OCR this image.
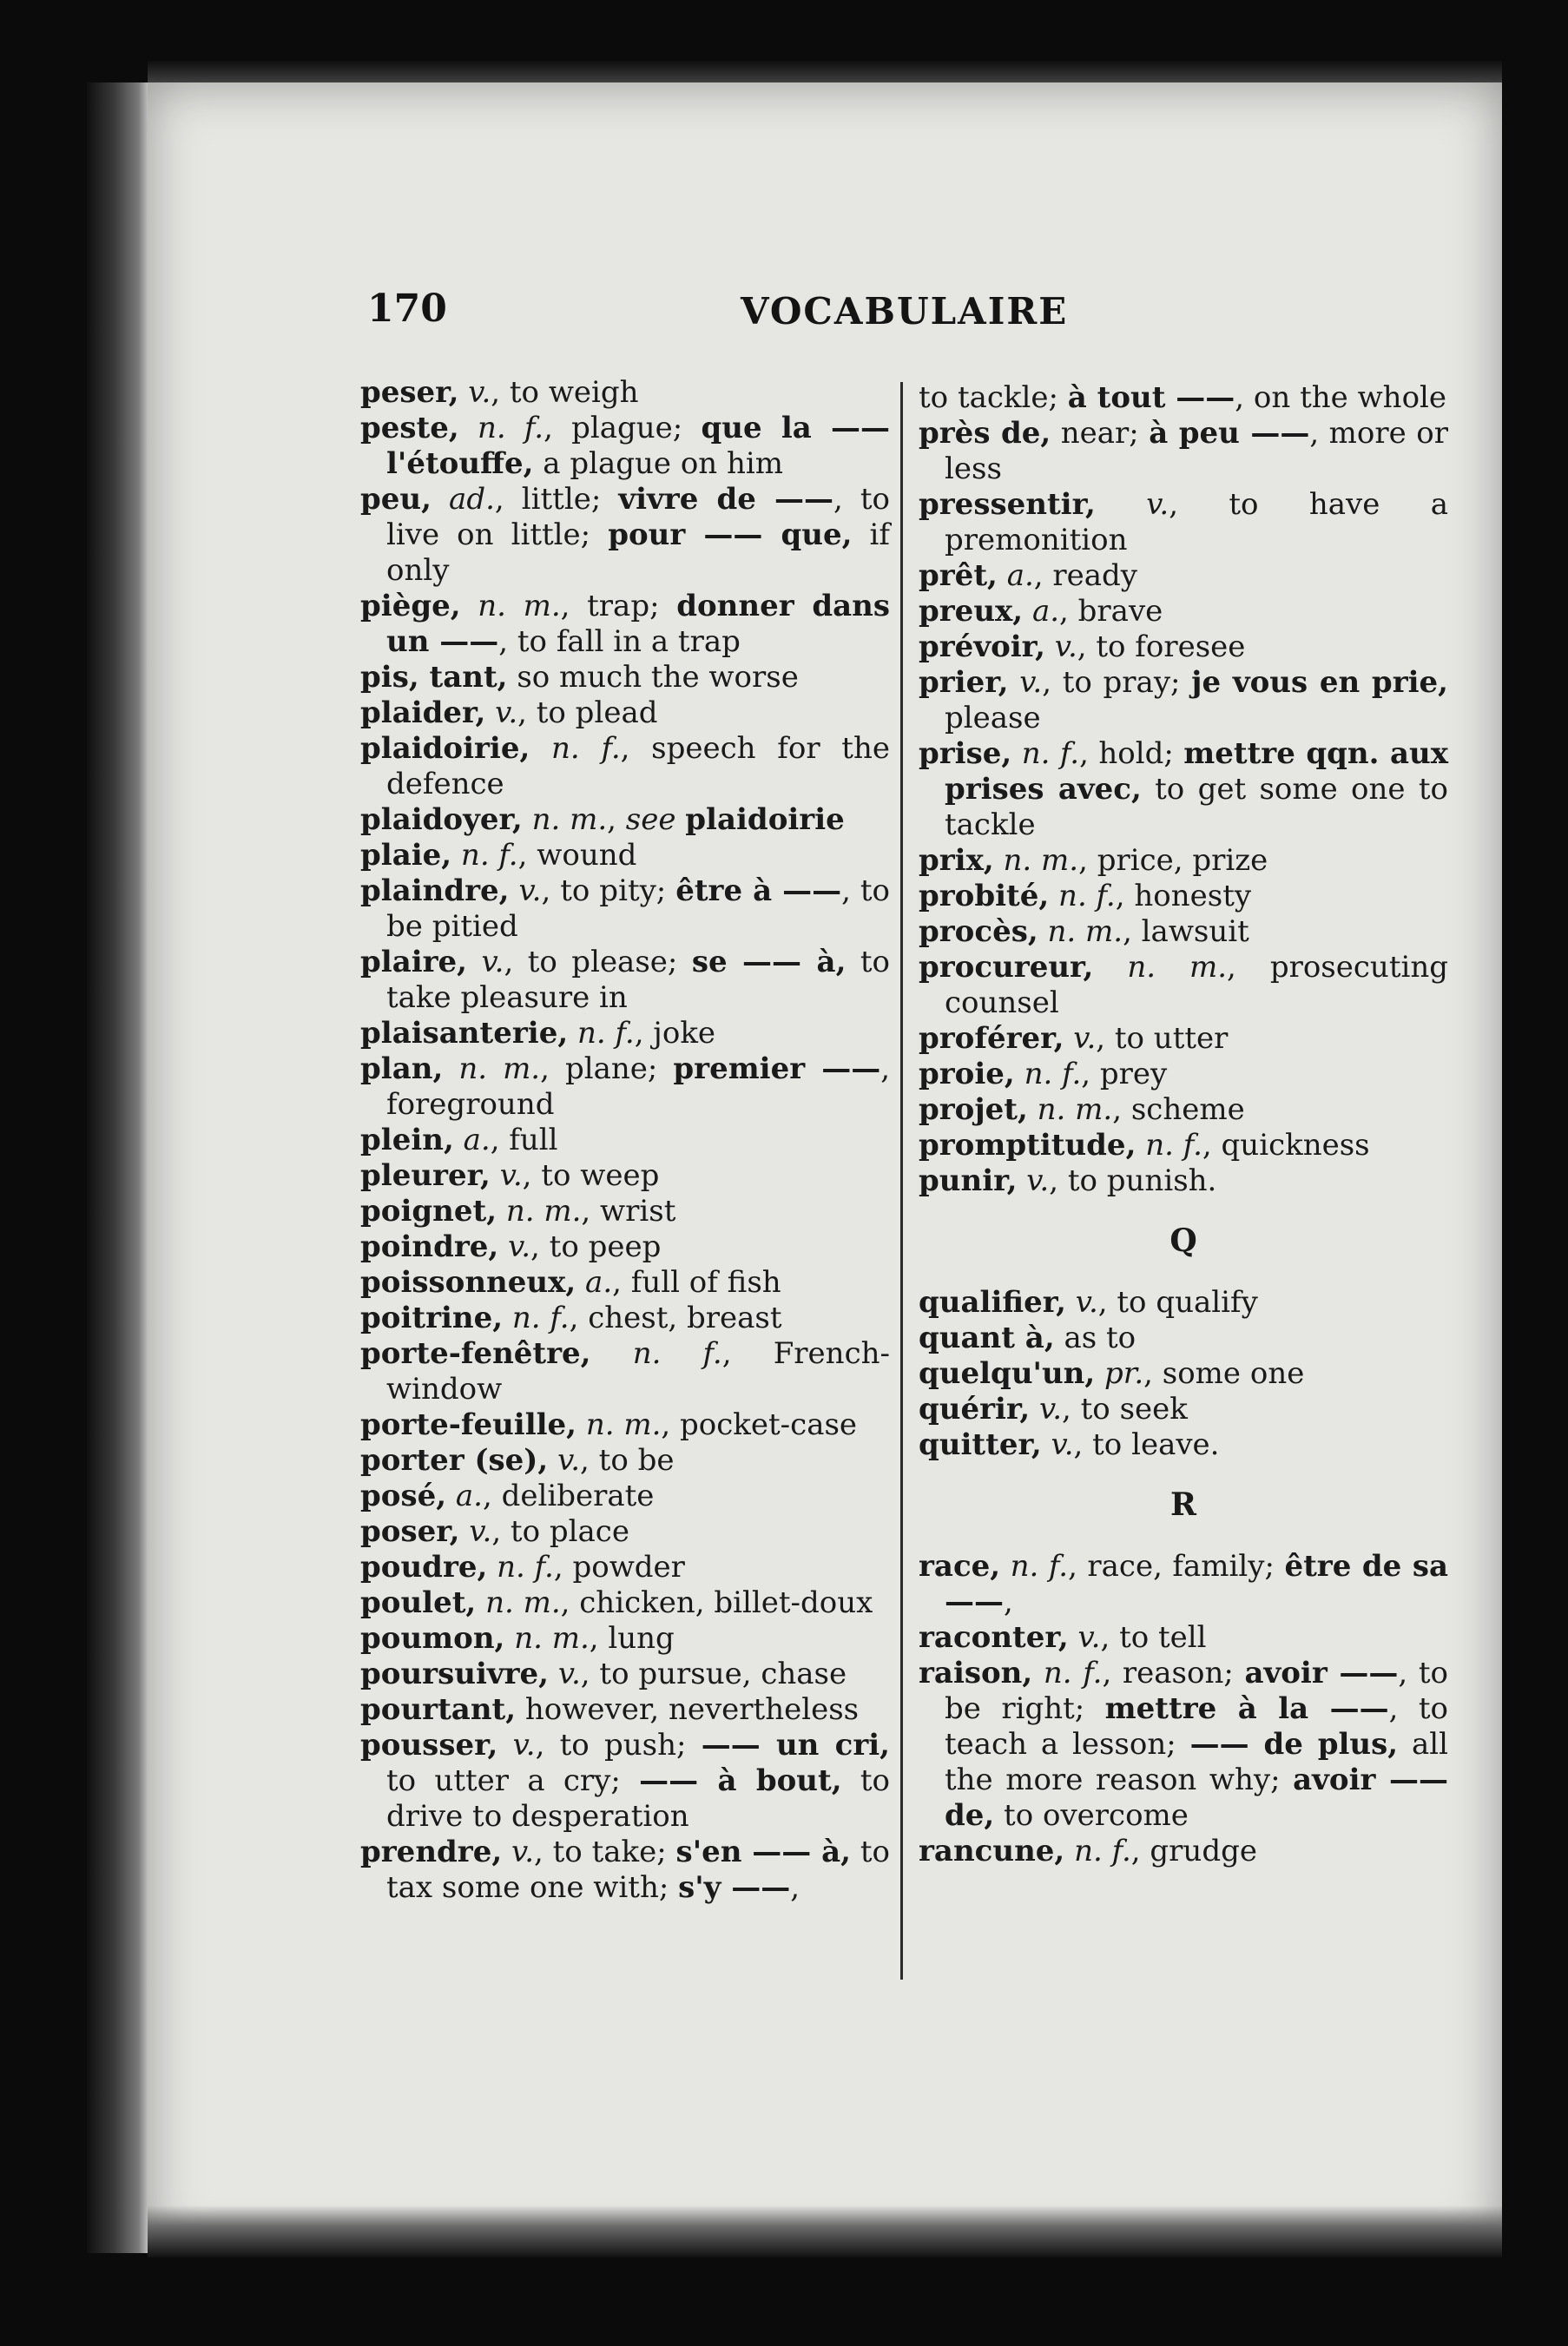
170	VOCABULAIRE
peser, v., to weigh
peste, n. f., plague; que la —— l'étouffe, a plague on him
peu, ad., little; vivre de ——, to live on little; pour —— que, if only
piège, n. m., trap; donner dans un ——, to fall in a trap
pis, tant, so much the worse
plaider, v., to plead
plaidoirie, n. f., speech for the defence
plaidoyer, n. m., see plaidoirie
plaie, n. f., wound
plaindre, v., to pity; être à ——, to be pitied
plaire, v., to please; se —— à, to take pleasure in
plaisanterie, n. f., joke
plan, n. m., plane; premier ——, foreground
plein, a., full
pleurer, v., to weep
poignet, n. m., wrist
poindre, v., to peep
poissonneux, a., full of fish
poitrine, n. f., chest, breast
porte-fenêtre, n. f., French-window
porte-feuille, n. m., pocket-case
porter (se), v., to be
posé, a., deliberate
poser, v., to place
poudre, n. f., powder
poulet, n. m., chicken, billet-doux
poumon, n. m., lung
poursuivre, v., to pursue, chase
pourtant, however, nevertheless
pousser, v., to push; —— un cri, to utter a cry; —— à bout, to drive to desperation
prendre, v., to take; s'en —— à, to tax some one with; s'y ——,
to tackle; à tout ——, on the whole
près de, near; à peu ——, more or less
pressentir, v., to have a premonition
prêt, a., ready
preux, a., brave
prévoir, v., to foresee
prier, v., to pray; je vous en prie, please
prise, n. f., hold; mettre qqn. aux prises avec, to get some one to tackle
prix, n. m., price, prize
probité, n. f., honesty
procès, n. m., lawsuit
procureur, n. m., prosecuting counsel
proférer, v., to utter
proie, n. f., prey
projet, n. m., scheme
promptitude, n. f., quickness
punir, v., to punish.
Q
qualifier, v., to qualify
quant à, as to
quelqu'un, pr., some one
quérir, v., to seek
quitter, v., to leave.
R
race, n. f., race, family; être de sa ——,
raconter, v., to tell
raison, n. f., reason; avoir ——, to be right; mettre à la ——, to teach a lesson; —— de plus, all the more reason why; avoir —— de, to overcome
rancune, n. f., grudge
